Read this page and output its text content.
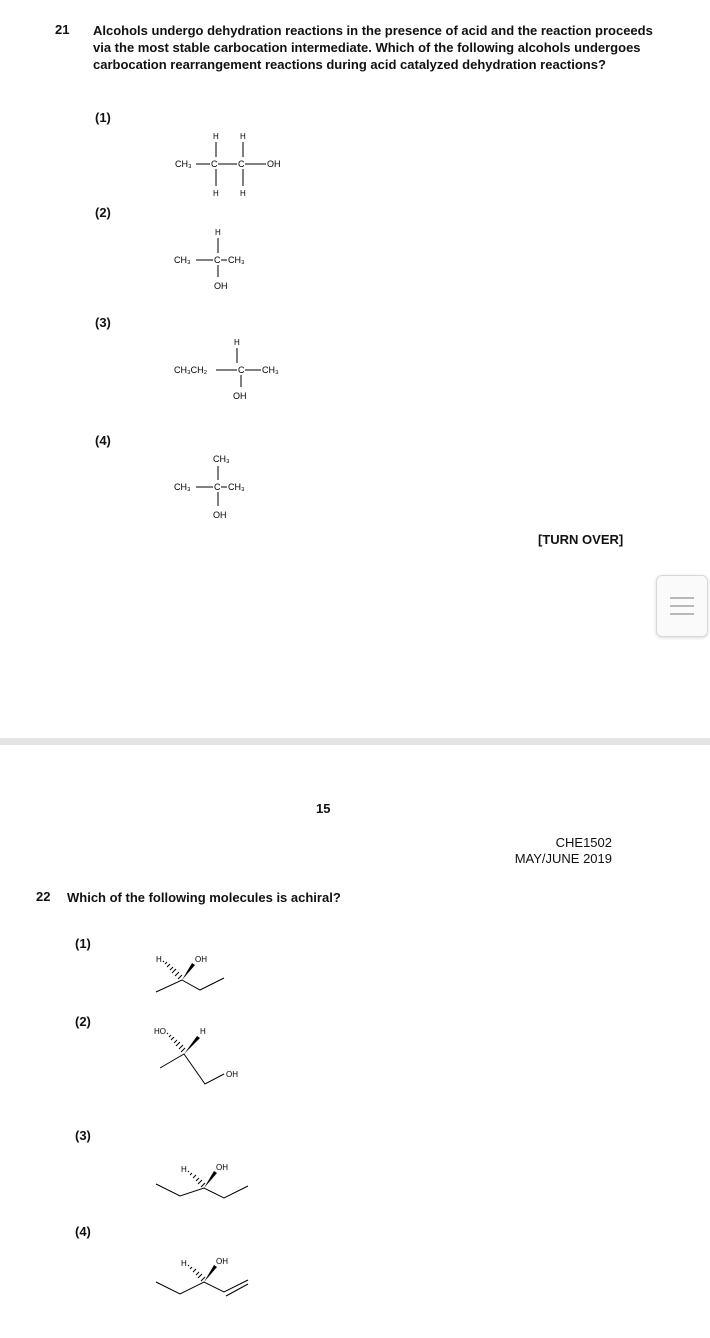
21 Alcohols undergo dehydration reactions in the presence of acid and the reaction proceeds
via the most stable carbocation intermediate. Which of the following alcohols undergoes
carbocation rearrangement reactions during acid catalyzed dehydration reactions?
(1)
(2)
(3)
(4)
CH₃ C C	OH
H	H
H	H
CH₃	C CH₃
H
OH
CH₃CH₂	C CH₃
H
OH
CH₃	C CH₃
CH₃
OH
[TURN OVER]
15
CHE1502
MAY/JUNE 2019
22 Which of the following molecules is achiral?
(1)
(2)
(3)
(4)
H	OH
HO	H
OH
H	OH
H	OH
